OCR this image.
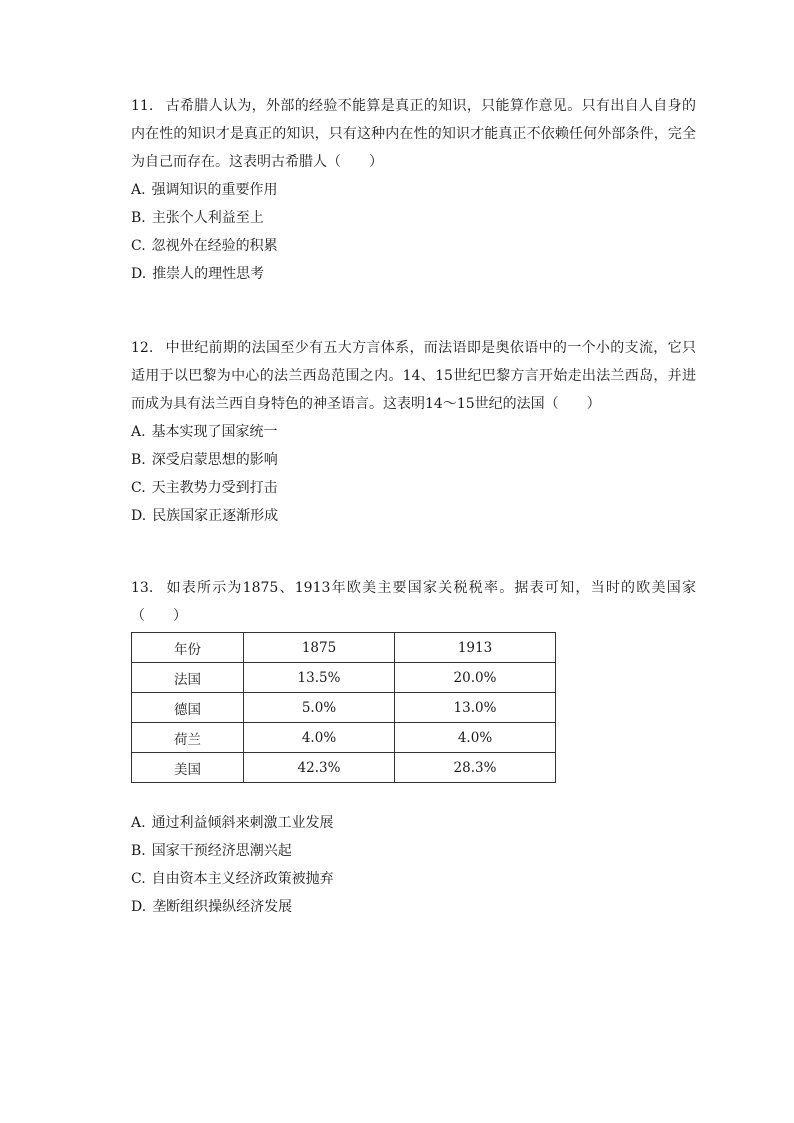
11. 古希腊人认为，外部的经验不能算是真正的知识，只能算作意见。只有出自人自身的内在性的知识才是真正的知识，只有这种内在性的知识才能真正不依赖任何外部条件，完全为自己而存在。这表明古希腊人（　　）

A. 强调知识的重要作用
B. 主张个人利益至上
C. 忽视外在经验的积累
D. 推崇人的理性思考

12. 中世纪前期的法国至少有五大方言体系，而法语即是奥依语中的一个小的支流，它只适用于以巴黎为中心的法兰西岛范围之内。14、15世纪巴黎方言开始走出法兰西岛，并进而成为具有法兰西自身特色的神圣语言。这表明14～15世纪的法国（　　）

A. 基本实现了国家统一
B. 深受启蒙思想的影响
C. 天主教势力受到打击
D. 民族国家正逐渐形成

13. 如表所示为1875、1913年欧美主要国家关税税率。据表可知，当时的欧美国家（　　）

年份	1875	1913
法国	13.5%	20.0%
德国	5.0%	13.0%
荷兰	4.0%	4.0%
美国	42.3%	28.3%
A. 通过利益倾斜来刺激工业发展
B. 国家干预经济思潮兴起
C. 自由资本主义经济政策被抛弃
D. 垄断组织操纵经济发展
